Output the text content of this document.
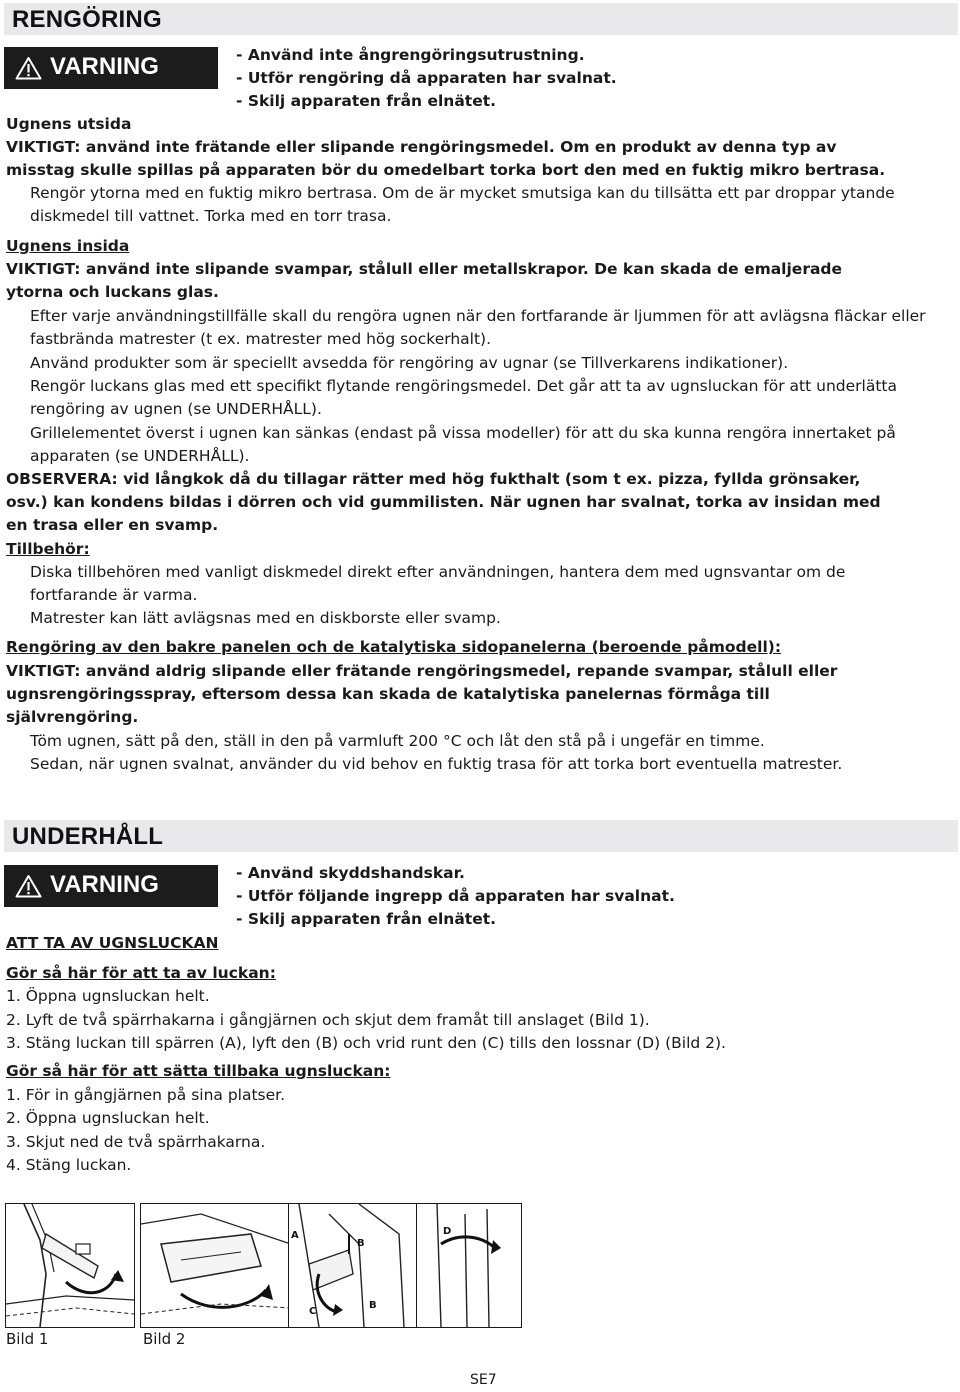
RENGÖRING
VARNING	- Använd inte ångrengöringsutrustning.
- Utför rengöring då apparaten har svalnat.
- Skilj apparaten från elnätet.
Ugnens utsida
VIKTIGT: använd inte frätande eller slipande rengöringsmedel. Om en produkt av denna typ av
misstag skulle spillas på apparaten bör du omedelbart torka bort den med en fuktig mikro bertrasa.
Rengör ytorna med en fuktig mikro bertrasa. Om de är mycket smutsiga kan du tillsätta ett par droppar ytande
diskmedel till vattnet. Torka med en torr trasa.
Ugnens insida
VIKTIGT: använd inte slipande svampar, stålull eller metallskrapor. De kan skada de emaljerade
ytorna och luckans glas.
Efter varje användningstillfälle skall du rengöra ugnen när den fortfarande är ljummen för att avlägsna fläckar eller
fastbrända matrester (t ex. matrester med hög sockerhalt).
Använd produkter som är speciellt avsedda för rengöring av ugnar (se Tillverkarens indikationer).
Rengör luckans glas med ett specifikt flytande rengöringsmedel. Det går att ta av ugnsluckan för att underlätta
rengöring av ugnen (se UNDERHÅLL).
Grillelementet överst i ugnen kan sänkas (endast på vissa modeller) för att du ska kunna rengöra innertaket på
apparaten (se UNDERHÅLL).
OBSERVERA: vid långkok då du tillagar rätter med hög fukthalt (som t ex. pizza, fyllda grönsaker,
osv.) kan kondens bildas i dörren och vid gummilisten. När ugnen har svalnat, torka av insidan med
en trasa eller en svamp.
Tillbehör:
Diska tillbehören med vanligt diskmedel direkt efter användningen, hantera dem med ugnsvantar om de
fortfarande är varma.
Matrester kan lätt avlägsnas med en diskborste eller svamp.
Rengöring av den bakre panelen och de katalytiska sidopanelerna (beroende påmodell):
VIKTIGT: använd aldrig slipande eller frätande rengöringsmedel, repande svampar, stålull eller
ugnsrengöringsspray, eftersom dessa kan skada de katalytiska panelernas förmåga till
självrengöring.
Töm ugnen, sätt på den, ställ in den på varmluft 200 °C och låt den stå på i ungefär en timme.
Sedan, när ugnen svalnat, använder du vid behov en fuktig trasa för att torka bort eventuella matrester.
UNDERHÅLL
VARNING	- Använd skyddshandskar.
- Utför följande ingrepp då apparaten har svalnat.
- Skilj apparaten från elnätet.
ATT TA AV UGNSLUCKAN
Gör så här för att ta av luckan:
1. Öppna ugnsluckan helt.
2. Lyft de två spärrhakarna i gångjärnen och skjut dem framåt till anslaget (Bild 1).
3. Stäng luckan till spärren (A), lyft den (B) och vrid runt den (C) tills den lossnar (D) (Bild 2).
Gör så här för att sätta tillbaka ugnsluckan:
1. För in gångjärnen på sina platser.
2. Öppna ugnsluckan helt.
3. Skjut ned de två spärrhakarna.
4. Stäng luckan.
A
B
C
B
D
Bild 1	Bild 2
SE7
